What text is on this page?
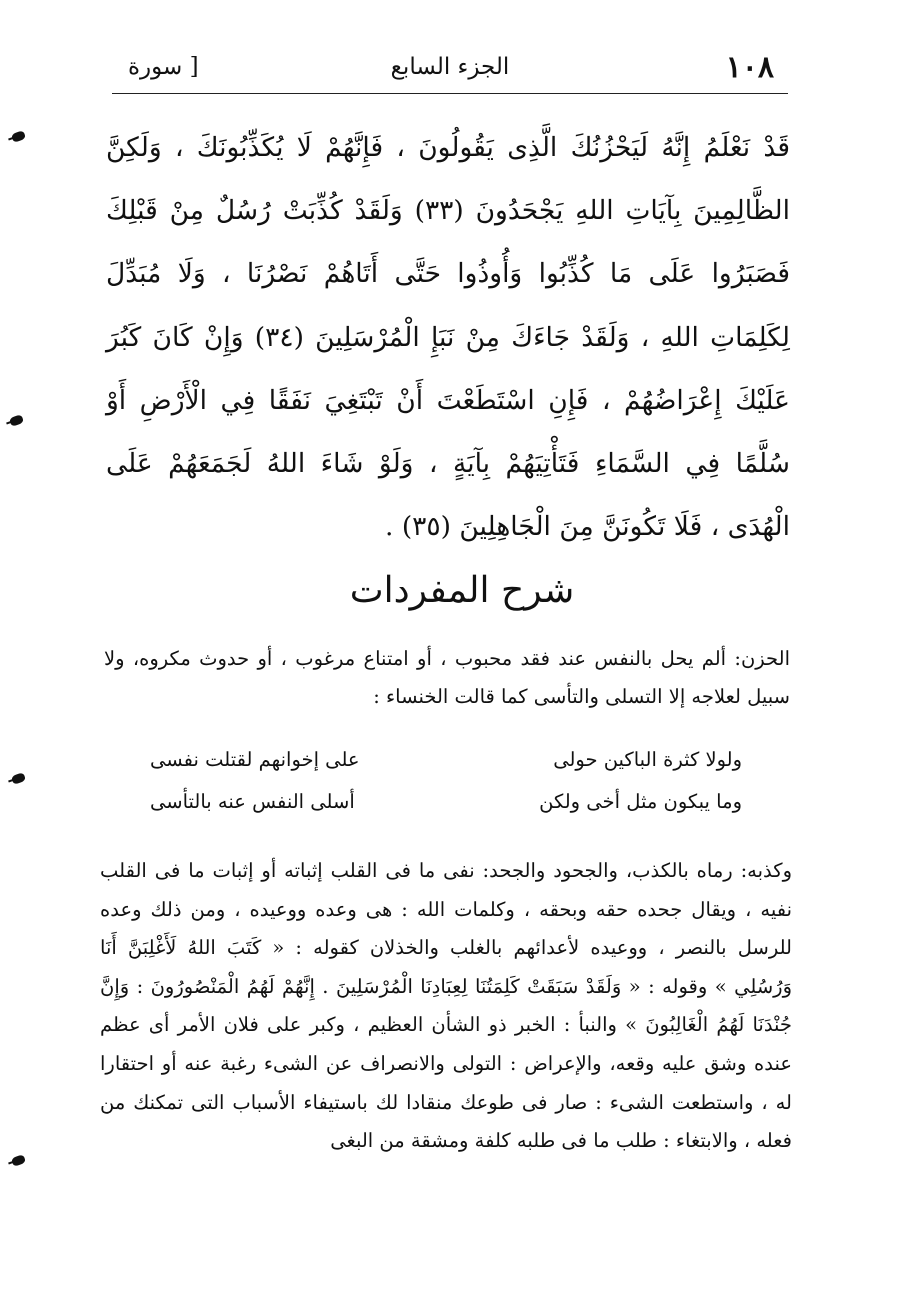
١٠٨
الجزء السابع
[ سورة
قَدْ نَعْلَمُ إِنَّهُ لَيَحْزُنُكَ الَّذِى يَقُولُونَ ، فَإِنَّهُمْ لَا يُكَذِّبُونَكَ ، وَلَكِنَّ الظَّالِمِينَ بِآيَاتِ اللهِ يَجْحَدُونَ (٣٣) وَلَقَدْ كُذِّبَتْ رُسُلٌ مِنْ قَبْلِكَ فَصَبَرُوا عَلَى مَا كُذِّبُوا وَأُوذُوا حَتَّى أَتَاهُمْ نَصْرُنَا ، وَلَا مُبَدِّلَ لِكَلِمَاتِ اللهِ ، وَلَقَدْ جَاءَكَ مِنْ نَبَإِ الْمُرْسَلِينَ (٣٤) وَإِنْ كَانَ كَبُرَ عَلَيْكَ إِعْرَاضُهُمْ ، فَإِنِ اسْتَطَعْتَ أَنْ تَبْتَغِيَ نَفَقًا فِي الْأَرْضِ أَوْ سُلَّمًا فِي السَّمَاءِ فَتَأْتِيَهُمْ بِآيَةٍ ، وَلَوْ شَاءَ اللهُ لَجَمَعَهُمْ عَلَى الْهُدَى ، فَلَا تَكُونَنَّ مِنَ الْجَاهِلِينَ (٣٥) .
شرح المفردات
الحزن: ألم يحل بالنفس عند فقد محبوب ، أو امتناع مرغوب ، أو حدوث مكروه، ولا سبيل لعلاجه إلا التسلى والتأسى كما قالت الخنساء :
ولولا كثرة الباكين حولى
على إخوانهم لقتلت نفسى
وما يبكون مثل أخى ولكن
أسلى النفس عنه بالتأسى
وكذبه: رماه بالكذب، والجحود والجحد: نفى ما فى القلب إثباته أو إثبات ما فى القلب نفيه ، ويقال جحده حقه وبحقه ، وكلمات الله : هى وعده ووعيده ، ومن ذلك وعده للرسل بالنصر ، ووعيده لأعدائهم بالغلب والخذلان كقوله : « كَتَبَ اللهُ لَأَغْلِبَنَّ أَنَا وَرُسُلِي » وقوله : « وَلَقَدْ سَبَقَتْ كَلِمَتُنَا لِعِبَادِنَا الْمُرْسَلِينَ . إِنَّهُمْ لَهُمُ الْمَنْصُورُونَ : وَإِنَّ جُنْدَنَا لَهُمُ الْغَالِبُونَ » والنبأ : الخبر ذو الشأن العظيم ، وكبر على فلان الأمر أى عظم عنده وشق عليه وقعه، والإعراض : التولى والانصراف عن الشىء رغبة عنه أو احتقارا له ، واستطعت الشىء : صار فى طوعك منقادا لك باستيفاء الأسباب التى تمكنك من فعله ، والابتغاء : طلب ما فى طلبه كلفة ومشقة من البغى
